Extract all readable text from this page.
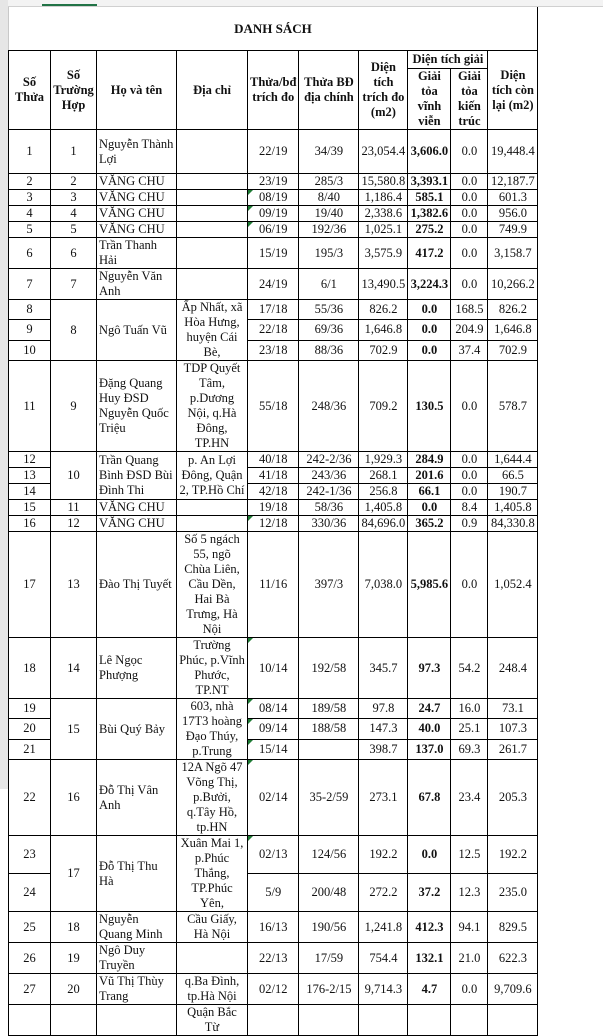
DANH SÁCH									
Số Thửa	Số Trường Hợp	Họ và tên	Địa chỉ	Thửa/bđ trích đo	Thửa BĐ địa chính	Diện tích trích đo (m2)	Diện tích giải		Diện tích còn lại (m2)
							Giải tỏa vĩnh viễn	Giải tỏa kiến trúc	
1	1	Nguyễn Thành Lợi		22/19	34/39	23,054.4	3,606.0	0.0	19,448.4
2	2	VĂNG CHU		23/19	285/3	15,580.8	3,393.1	0.0	12,187.7
3	3	VĂNG CHU		08/19	8/40	1,186.4	585.1	0.0	601.3
4	4	VĂNG CHU		09/19	19/40	2,338.6	1,382.6	0.0	956.0
5	5	VĂNG CHU		06/19	192/36	1,025.1	275.2	0.0	749.9
6	6	Trần Thanh Hải		15/19	195/3	3,575.9	417.2	0.0	3,158.7
7	7	Nguyễn Văn Anh		24/19	6/1	13,490.5	3,224.3	0.0	10,266.2
8	8	Ngô Tuấn Vũ	Ấp Nhất, xã Hòa Hưng, huyện Cái Bè,	17/18	55/36	826.2	0.0	168.5	826.2
9				22/18	69/36	1,646.8	0.0	204.9	1,646.8
10				23/18	88/36	702.9	0.0	37.4	702.9
11	9	Đặng Quang Huy ĐSD Nguyễn Quốc Triệu	TDP Quyết Tâm, p.Dương Nội, q.Hà Đông, TP.HN	55/18	248/36	709.2	130.5	0.0	578.7
12	10	Trần Quang Bình ĐSD Bùi Đình Thi	p. An Lợi Đông, Quận 2, TP.Hồ Chí	40/18	242-2/36	1,929.3	284.9	0.0	1,644.4
13				41/18	243/36	268.1	201.6	0.0	66.5
14				42/18	242-1/36	256.8	66.1	0.0	190.7
15	11	VĂNG CHU		19/18	58/36	1,405.8	0.0	8.4	1,405.8
16	12	VĂNG CHU		12/18	330/36	84,696.0	365.2	0.9	84,330.8
17	13	Đào Thị Tuyết	Số 5 ngách 55, ngõ Chùa Liên, Cầu Dền, Hai Bà Trưng, Hà Nội	11/16	397/3	7,038.0	5,985.6	0.0	1,052.4
18	14	Lê Ngọc Phượng	Trường Phúc, p.Vĩnh Phước, TP.NT	10/14	192/58	345.7	97.3	54.2	248.4
19	15	Bùi Quý Bảy	603, nhà 17T3 hoàng Đạo Thúy, p.Trung	08/14	189/58	97.8	24.7	16.0	73.1
20				09/14	188/58	147.3	40.0	25.1	107.3
21				15/14		398.7	137.0	69.3	261.7
22	16	Đỗ Thị Vân Anh	12A Ngõ 47 Võng Thị, p.Bưởi, q.Tây Hồ, tp.HN	02/14	35-2/59	273.1	67.8	23.4	205.3
23	17	Đỗ Thị Thu Hà	Xuân Mai 1, p.Phúc Thắng, TP.Phúc Yên,	02/13	124/56	192.2	0.0	12.5	192.2
24				5/9	200/48	272.2	37.2	12.3	235.0
25	18	Nguyễn Quang Minh	Cầu Giấy, Hà Nội	16/13	190/56	1,241.8	412.3	94.1	829.5
26	19	Ngô Duy Truyền		22/13	17/59	754.4	132.1	21.0	622.3
27	20	Vũ Thị Thùy Trang	q.Ba Đình, tp.Hà Nội	02/12	176-2/15	9,714.3	4.7	0.0	9,709.6
			Quận Bắc Từ						
